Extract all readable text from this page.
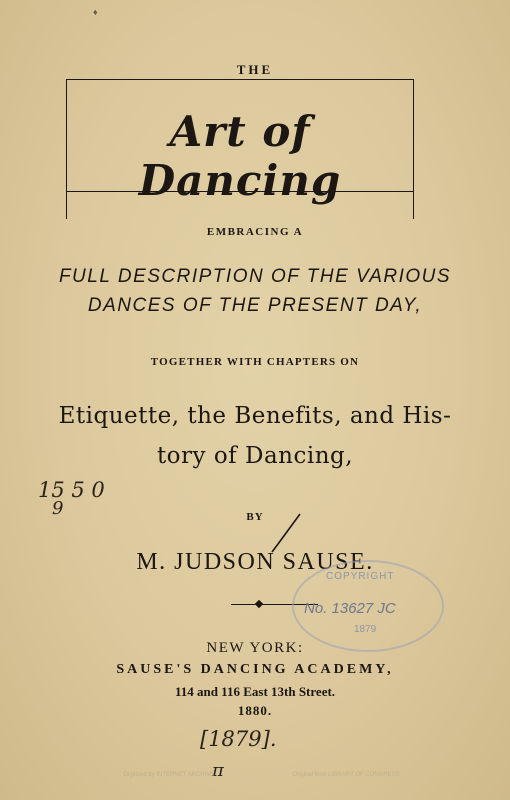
♦
THE
Art of Dancing
EMBRACING A
FULL DESCRIPTION OF THE VARIOUS
DANCES OF THE PRESENT DAY,
TOGETHER WITH CHAPTERS ON
Etiquette, the Benefits, and His-
tory of Dancing,
15 5 0
9	BY
M. JUDSON SAUSE.
COPYRIGHT
No. 13627 JC
1879
NEW YORK:
SAUSE'S DANCING ACADEMY,
114 and 116 East 13th Street.
1880.
[1879].
π
Digitized by INTERNET ARCHIVE	Original from LIBRARY OF CONGRESS
